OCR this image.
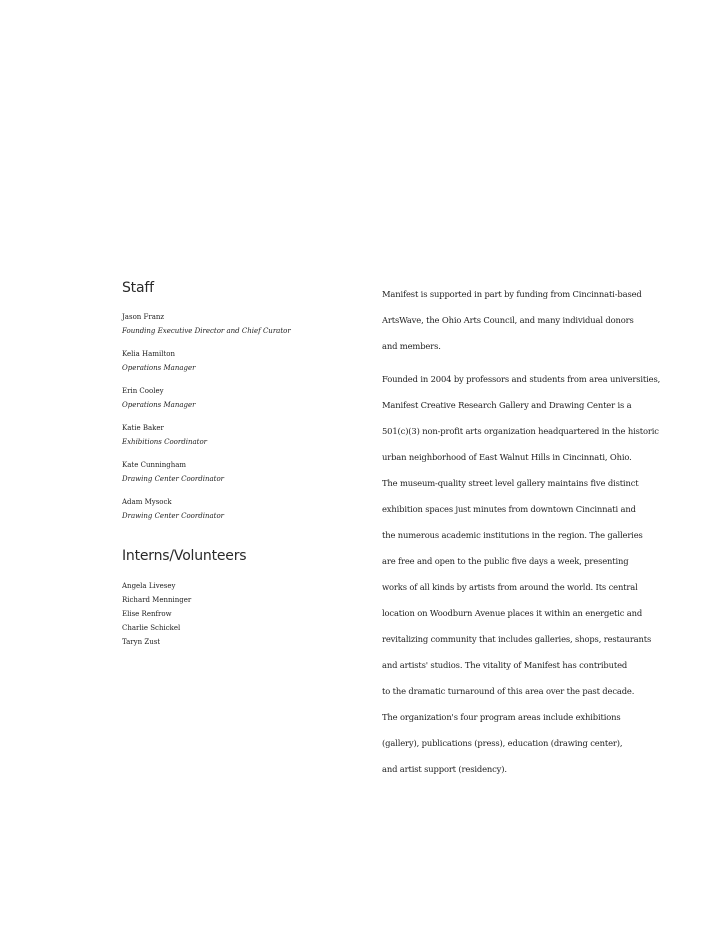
Staff
Jason Franz
Founding Executive Director and Chief Curator
Kelia Hamilton
Operations Manager
Erin Cooley
Operations Manager
Katie Baker
Exhibitions Coordinator
Kate Cunningham
Drawing Center Coordinator
Adam Mysock
Drawing Center Coordinator
Interns/Volunteers
Angela Livesey
Richard Menninger
Elise Renfrow
Charlie Schickel
Taryn Zust

Manifest is supported in part by funding from Cincinnati-based
ArtsWave, the Ohio Arts Council, and many individual donors
and members.

Founded in 2004 by professors and students from area universities,
Manifest Creative Research Gallery and Drawing Center is a
501(c)(3) non-profit arts organization headquartered in the historic
urban neighborhood of East Walnut Hills in Cincinnati, Ohio.
The museum-quality street level gallery maintains five distinct
exhibition spaces just minutes from downtown Cincinnati and
the numerous academic institutions in the region. The galleries
are free and open to the public five days a week, presenting
works of all kinds by artists from around the world. Its central
location on Woodburn Avenue places it within an energetic and
revitalizing community that includes galleries, shops, restaurants
and artists' studios. The vitality of Manifest has contributed
to the dramatic turnaround of this area over the past decade.
The organization's four program areas include exhibitions
(gallery), publications (press), education (drawing center),
and artist support (residency).
